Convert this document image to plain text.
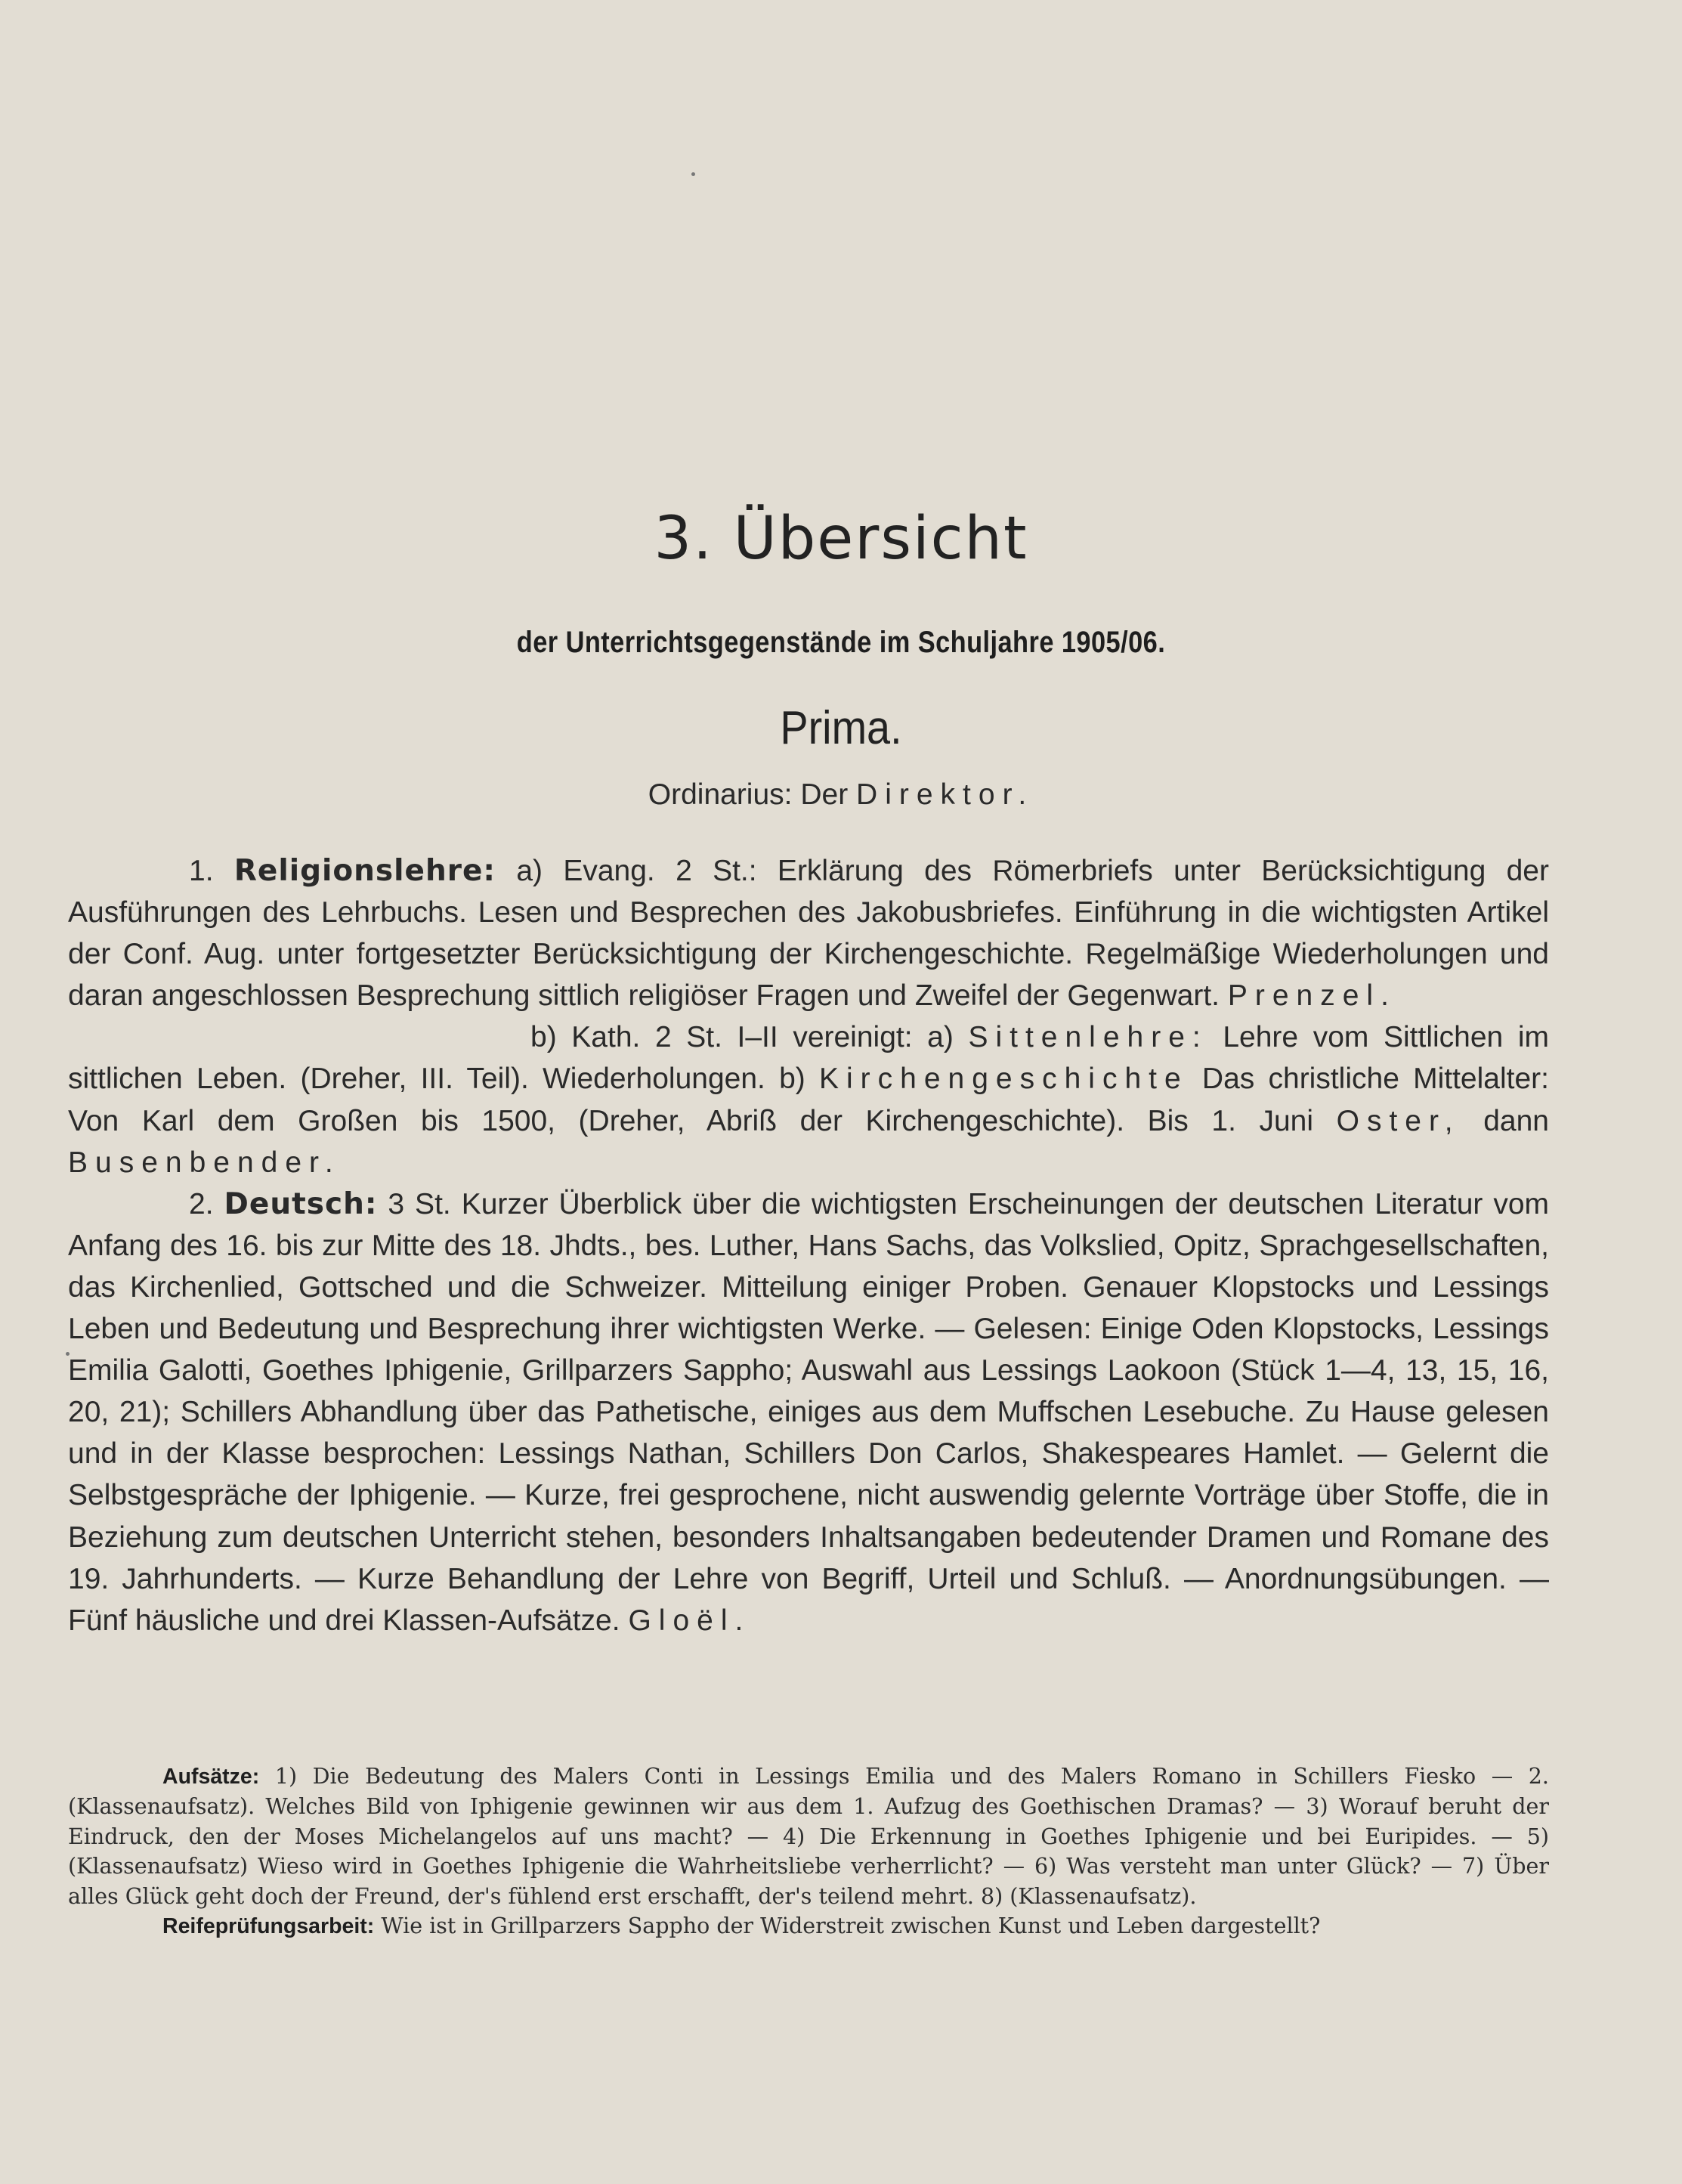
3. Übersicht
der Unterrichtsgegenstände im Schuljahre 1905/06.
Prima.
Ordinarius: Der Direktor.

1. Religionslehre: a) Evang. 2 St.: Erklärung des Römerbriefs unter Berücksichtigung der Ausführungen des Lehrbuchs. Lesen und Besprechen des Jakobusbriefes. Einführung in die wichtigsten Artikel der Conf. Aug. unter fortgesetzter Berücksichtigung der Kirchengeschichte. Regelmäßige Wiederholungen und daran angeschlossen Besprechung sittlich religiöser Fragen und Zweifel der Gegenwart. Prenzel.

b) Kath. 2 St. I–II vereinigt: a) Sittenlehre: Lehre vom Sittlichen im sittlichen Leben. (Dreher, III. Teil). Wiederholungen. b) Kirchengeschichte Das christliche Mittelalter: Von Karl dem Großen bis 1500, (Dreher, Abriß der Kirchengeschichte). Bis 1. Juni Oster, dann Busenbender.

2. Deutsch: 3 St. Kurzer Überblick über die wichtigsten Erscheinungen der deutschen Literatur vom Anfang des 16. bis zur Mitte des 18. Jhdts., bes. Luther, Hans Sachs, das Volkslied, Opitz, Sprachgesellschaften, das Kirchenlied, Gottsched und die Schweizer. Mitteilung einiger Proben. Genauer Klopstocks und Lessings Leben und Bedeutung und Besprechung ihrer wichtigsten Werke. — Gelesen: Einige Oden Klopstocks, Lessings Emilia Galotti, Goethes Iphigenie, Grillparzers Sappho; Auswahl aus Lessings Laokoon (Stück 1—4, 13, 15, 16, 20, 21); Schillers Abhandlung über das Pathetische, einiges aus dem Muffschen Lesebuche. Zu Hause gelesen und in der Klasse besprochen: Lessings Nathan, Schillers Don Carlos, Shakespeares Hamlet. — Gelernt die Selbstgespräche der Iphigenie. — Kurze, frei gesprochene, nicht auswendig gelernte Vorträge über Stoffe, die in Beziehung zum deutschen Unterricht stehen, besonders Inhaltsangaben bedeutender Dramen und Romane des 19. Jahrhunderts. — Kurze Behandlung der Lehre von Begriff, Urteil und Schluß. — Anordnungsübungen. — Fünf häusliche und drei Klassen-Aufsätze. Gloël.

Aufsätze: 1) Die Bedeutung des Malers Conti in Lessings Emilia und des Malers Romano in Schillers Fiesko — 2. (Klassenaufsatz). Welches Bild von Iphigenie gewinnen wir aus dem 1. Aufzug des Goethischen Dramas? — 3) Worauf beruht der Eindruck, den der Moses Michelangelos auf uns macht? — 4) Die Erkennung in Goethes Iphigenie und bei Euripides. — 5) (Klassenaufsatz) Wieso wird in Goethes Iphigenie die Wahrheitsliebe verherrlicht? — 6) Was versteht man unter Glück? — 7) Über alles Glück geht doch der Freund, der's fühlend erst erschafft, der's teilend mehrt. 8) (Klassenaufsatz).

Reifeprüfungsarbeit: Wie ist in Grillparzers Sappho der Widerstreit zwischen Kunst und Leben dargestellt?
